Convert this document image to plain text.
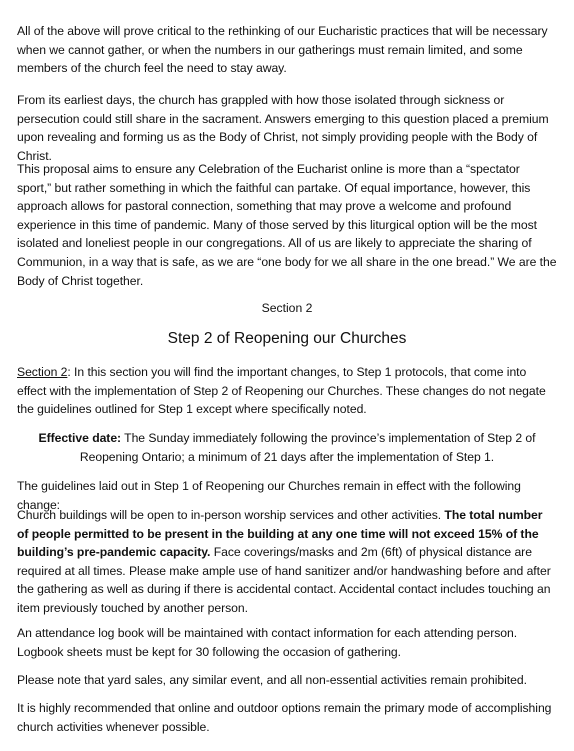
All of the above will prove critical to the rethinking of our Eucharistic practices that will be necessary when we cannot gather, or when the numbers in our gatherings must remain limited, and some members of the church feel the need to stay away.

From its earliest days, the church has grappled with how those isolated through sickness or persecution could still share in the sacrament. Answers emerging to this question placed a premium upon revealing and forming us as the Body of Christ, not simply providing people with the Body of Christ.

This proposal aims to ensure any Celebration of the Eucharist online is more than a “spectator sport,” but rather something in which the faithful can partake. Of equal importance, however, this approach allows for pastoral connection, something that may prove a welcome and profound experience in this time of pandemic. Many of those served by this liturgical option will be the most isolated and loneliest people in our congregations. All of us are likely to appreciate the sharing of Communion, in a way that is safe, as we are “one body for we all share in the one bread.” We are the Body of Christ together.

Section 2
Step 2 of Reopening our Churches

Section 2: In this section you will find the important changes, to Step 1 protocols, that come into effect with the implementation of Step 2 of Reopening our Churches. These changes do not negate the guidelines outlined for Step 1 except where specifically noted.

Effective date: The Sunday immediately following the province’s implementation of Step 2 of Reopening Ontario; a minimum of 21 days after the implementation of Step 1.

The guidelines laid out in Step 1 of Reopening our Churches remain in effect with the following change:

Church buildings will be open to in-person worship services and other activities. The total number of people permitted to be present in the building at any one time will not exceed 15% of the building’s pre-pandemic capacity. Face coverings/masks and 2m (6ft) of physical distance are required at all times. Please make ample use of hand sanitizer and/or handwashing before and after the gathering as well as during if there is accidental contact. Accidental contact includes touching an item previously touched by another person.

An attendance log book will be maintained with contact information for each attending person. Logbook sheets must be kept for 30 following the occasion of gathering.

Please note that yard sales, any similar event, and all non-essential activities remain prohibited.

It is highly recommended that online and outdoor options remain the primary mode of accomplishing church activities whenever possible.
